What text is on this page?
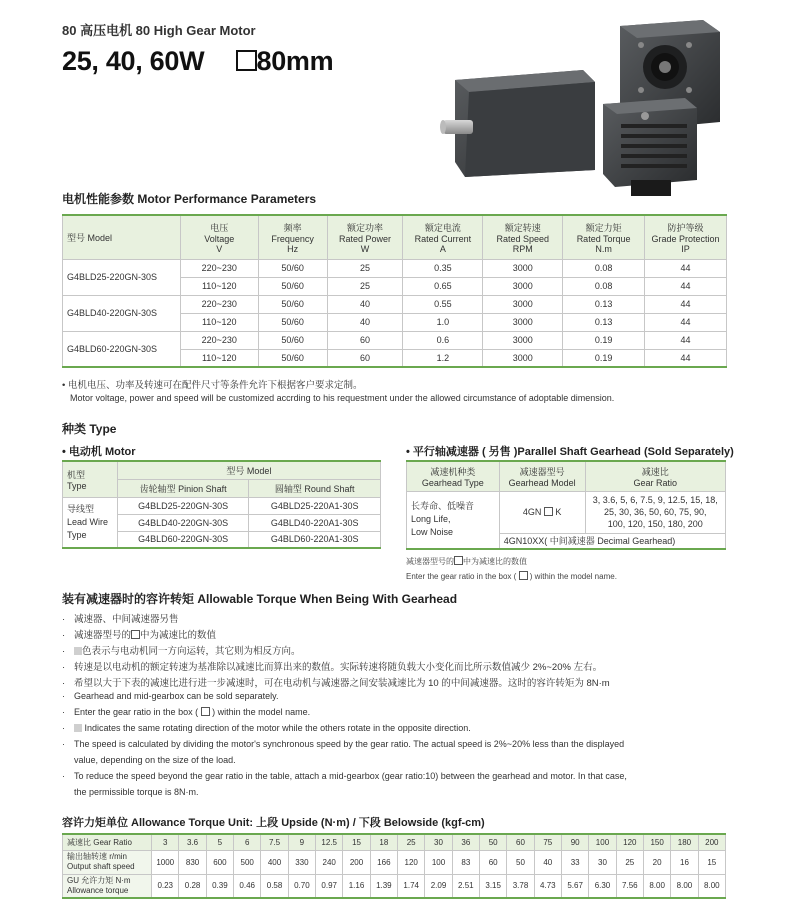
80 高压电机 80 High Gear Motor
25, 40, 60W 80mm
电机性能参数 Motor Performance Parameters
型号 Model	电压
Voltage
V	频率
Frequency
Hz	额定功率
Rated Power
W	额定电流
Rated Current
A	额定转速
Rated Speed
RPM	额定力矩
Rated Torque
N.m	防护等级
Grade Protection
IP
G4BLD25-220GN-30S	220~230	50/60	25	0.35	3000	0.08	44
	110~120	50/60	25	0.65	3000	0.08	44
G4BLD40-220GN-30S	220~230	50/60	40	0.55	3000	0.13	44
	110~120	50/60	40	1.0	3000	0.13	44
G4BLD60-220GN-30S	220~230	50/60	60	0.6	3000	0.19	44
	110~120	50/60	60	1.2	3000	0.19	44
• 电机电压、功率及转速可在配件尺寸等条件允许下根据客户要求定制。
Motor voltage, power and speed will be customized accrding to his requestment under the allowed circumstance of adoptable dimension.
种类 Type
• 电动机 Motor	• 平行轴减速器 ( 另售 )Parallel Shaft Gearhead (Sold Separately)
机型
Type	型号 Model	
	齿轮轴型 Pinion Shaft	圆轴型 Round Shaft
导线型
Lead Wire
Type	G4BLD25-220GN-30S	G4BLD25-220A1-30S
	G4BLD40-220GN-30S	G4BLD40-220A1-30S
	G4BLD60-220GN-30S	G4BLD60-220A1-30S
减速机种类
Gearhead Type	减速器型号
Gearhead Model	减速比
Gear Ratio
长寿命、低噪音
Long Life,
Low Noise	4GN K	3, 3.6, 5, 6, 7.5, 9, 12.5, 15, 18,
25, 30, 36, 50, 60, 75, 90,
100, 120, 150, 180, 200
	4GN10XX( 中间减速器 Decimal Gearhead)	
减速器型号的 中为减速比的数值
Enter the gear ratio in the box ( ) within the model name.
装有减速器时的容许转矩 Allowable Torque When Being With Gearhead
· 减速器、中间减速器另售
· 减速器型号的 中为减速比的数值
· 色表示与电动机同一方向运转，其它则为相反方向。
· 转速是以电动机的额定转速为基准除以减速比而算出来的数值。实际转速将随负载大小变化而比所示数值减少 2%~20% 左右。
· 希望以大于下表的减速比进行进一步减速时，可在电动机与减速器之间安装减速比为 10 的中间减速器。这时的容许转矩为 8N·m
· Gearhead and mid-gearbox can be sold separately.
· Enter the gear ratio in the box ( ) within the model name.
· Indicates the same rotating direction of the motor while the others rotate in the opposite direction.
· The speed is calculated by dividing the motor's synchronous speed by the gear ratio. The actual speed is 2%~20% less than the displayed
value, depending on the size of the load.
· To reduce the speed beyond the gear ratio in the table, attach a mid-gearbox (gear ratio:10) between the gearhead and motor. In that case,
the permissible torque is 8N·m.
容许力矩单位 Allowance Torque Unit: 上段 Upside (N·m) / 下段 Belowside (kgf-cm)
减速比 Gear Ratio	3	3.6	5	6	7.5	9	12.5	15	18	25	30	36	50	60	75	90	100	120	150	180	200
输出轴转速 r/min
Output shaft speed	1000	830	600	500	400	330	240	200	166	120	100	83	60	50	40	33	30	25	20	16	15
GU 允许力矩 N·m
Allowance torque	0.23	0.28	0.39	0.46	0.58	0.70	0.97	1.16	1.39	1.74	2.09	2.51	3.15	3.78	4.73	5.67	6.30	7.56	8.00	8.00	8.00
